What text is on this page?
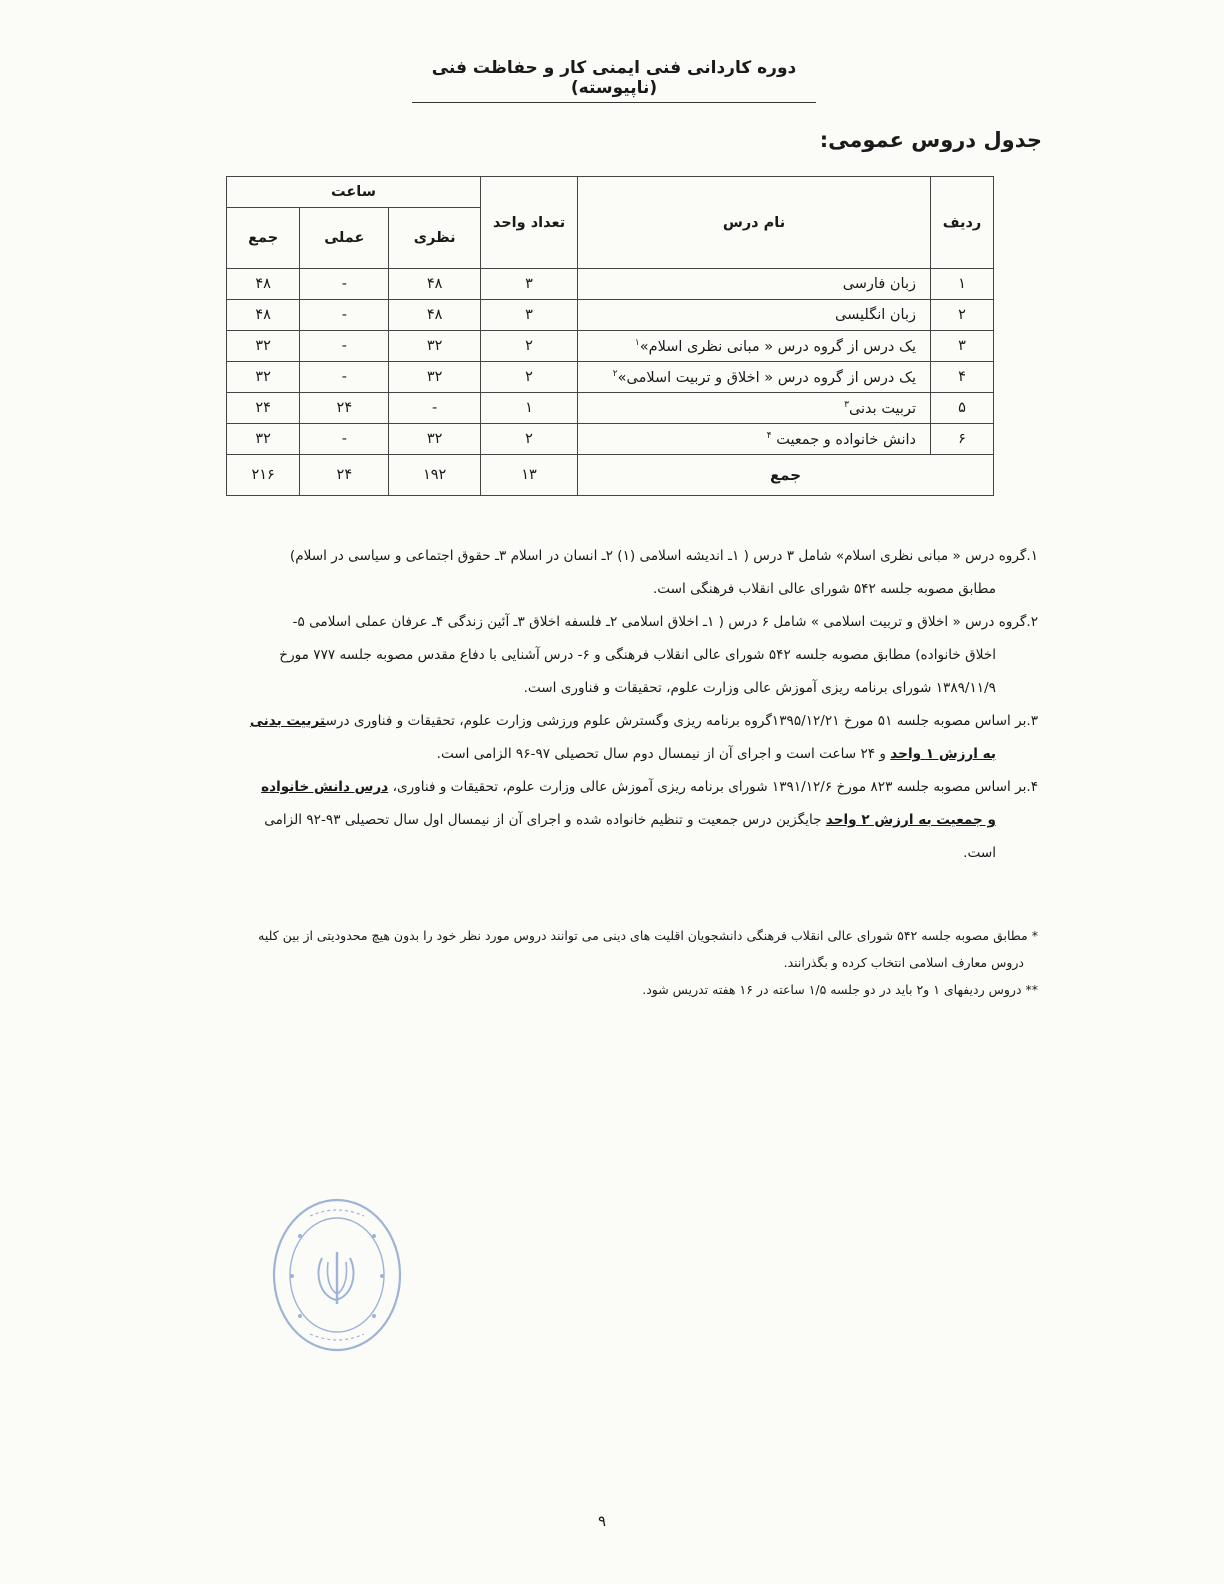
دوره کاردانی فنی ایمنی کار و حفاظت فنی (ناپیوسته)
جدول دروس عمومی:
ردیف	نام درس	تعداد واحد	ساعت		
			نظری	عملی	جمع
۱	زبان فارسی	۳	۴۸	-	۴۸
۲	زبان انگلیسی	۳	۴۸	-	۴۸
۳	یک درس از گروه درس « مبانی نظری اسلام»$^۱$	۲	۳۲	-	۳۲
۴	یک درس از گروه درس « اخلاق و تربیت اسلامی»$^۲$	۲	۳۲	-	۳۲
۵	تربیت بدنی$^۳$	۱	-	۲۴	۲۴
۶	دانش خانواده و جمعیت $^۴$	۲	۳۲	-	۳۲
جمع		۱۳	۱۹۲	۲۴	۲۱۶

۱.گروه درس « مبانی نظری اسلام» شامل ۳ درس ( ۱ـ اندیشه اسلامی (۱) ۲ـ انسان در اسلام ۳ـ حقوق اجتماعی و سیاسی در اسلام)
مطابق مصوبه جلسه ۵۴۲ شورای عالی انقلاب فرهنگی است.

۲.گروه درس « اخلاق و تربیت اسلامی » شامل ۶ درس ( ۱ـ اخلاق اسلامی ۲ـ فلسفه اخلاق ۳ـ آئین زندگی ۴ـ عرفان عملی اسلامی ۵-
اخلاق خانواده) مطابق مصوبه جلسه ۵۴۲ شورای عالی انقلاب فرهنگی و ۶- درس آشنایی با دفاع مقدس مصوبه جلسه ۷۷۷ مورخ
۱۳۸۹/۱۱/۹ شورای برنامه ریزی آموزش عالی وزارت علوم، تحقیقات و فناوری است.

۳.بر اساس مصوبه جلسه ۵۱ مورخ ۱۳۹۵/۱۲/۲۱گروه برنامه ریزی وگسترش علوم ورزشی وزارت علوم، تحقیقات و فناوری درستربیت بدنی
به ارزش ۱ واحد و ۲۴ ساعت است و اجرای آن از نیمسال دوم سال تحصیلی ۹۷-۹۶ الزامی است.

۴.بر اساس مصوبه جلسه ۸۲۳ مورخ ۱۳۹۱/۱۲/۶ شورای برنامه ریزی آموزش عالی وزارت علوم، تحقیقات و فناوری، درس دانش خانواده
و جمعیت به ارزش ۲ واحد جایگزین درس جمعیت و تنظیم خانواده شده و اجرای آن از نیمسال اول سال تحصیلی ۹۳-۹۲ الزامی
است.

* مطابق مصوبه جلسه ۵۴۲ شورای عالی انقلاب فرهنگی دانشجویان اقلیت های دینی می توانند دروس مورد نظر خود را بدون هیچ محدودیتی از بین کلیه
دروس معارف اسلامی انتخاب کرده و بگذرانند.

** دروس ردیفهای ۱ و۲ باید در دو جلسه ۱/۵ ساعته در ۱۶ هفته تدریس شود.

۹
